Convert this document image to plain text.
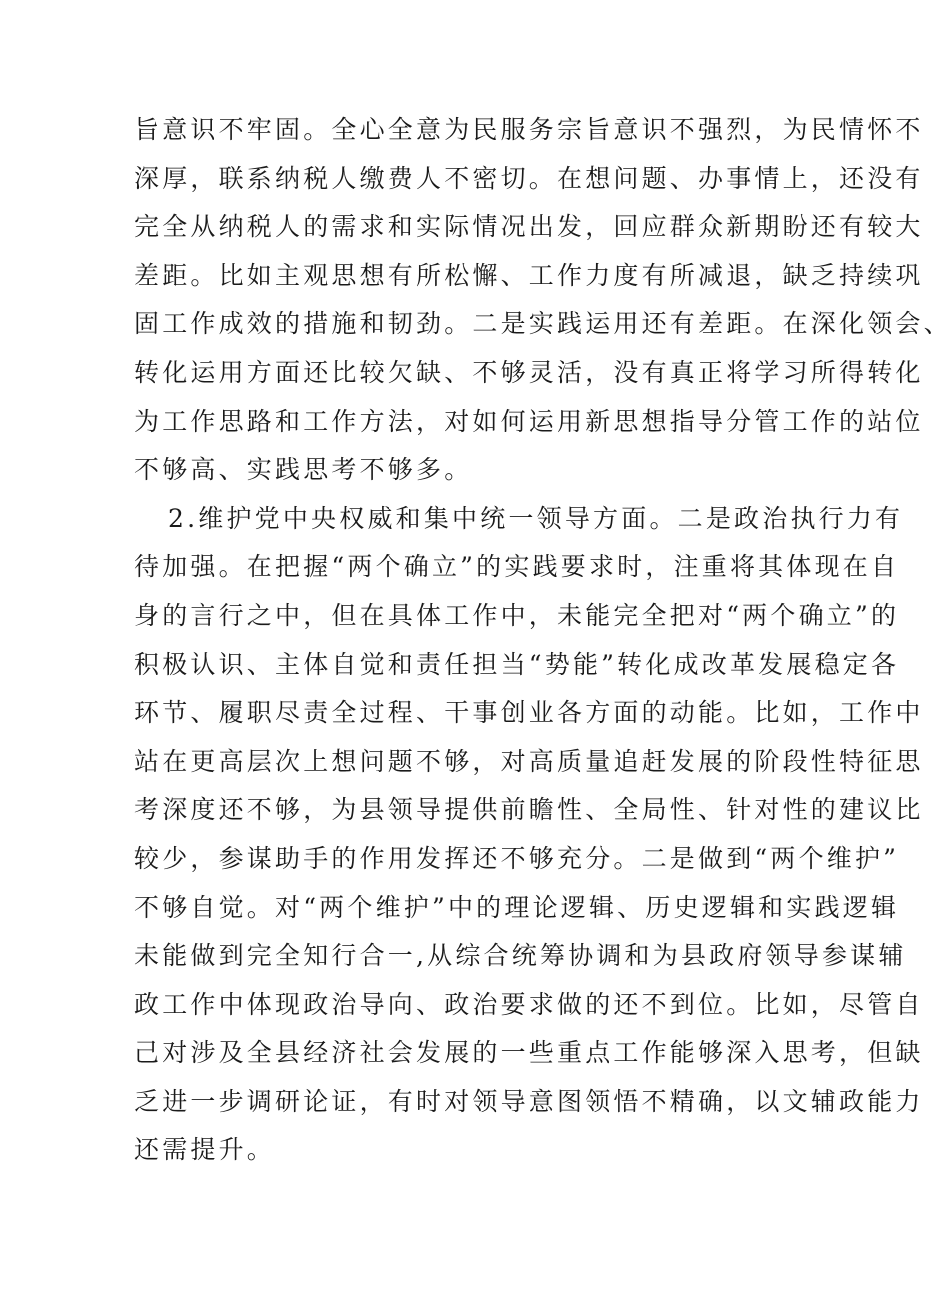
旨意识不牢固。全心全意为民服务宗旨意识不强烈，为民情怀不
深厚，联系纳税人缴费人不密切。在想问题、办事情上，还没有
完全从纳税人的需求和实际情况出发，回应群众新期盼还有较大
差距。比如主观思想有所松懈、工作力度有所减退，缺乏持续巩
固工作成效的措施和韧劲。二是实践运用还有差距。在深化领会、
转化运用方面还比较欠缺、不够灵活，没有真正将学习所得转化
为工作思路和工作方法，对如何运用新思想指导分管工作的站位
不够高、实践思考不够多。
2.维护党中央权威和集中统一领导方面。二是政治执行力有
待加强。在把握“两个确立”的实践要求时，注重将其体现在自
身的言行之中，但在具体工作中，未能完全把对“两个确立”的
积极认识、主体自觉和责任担当“势能”转化成改革发展稳定各
环节、履职尽责全过程、干事创业各方面的动能。比如，工作中
站在更高层次上想问题不够，对高质量追赶发展的阶段性特征思
考深度还不够，为县领导提供前瞻性、全局性、针对性的建议比
较少，参谋助手的作用发挥还不够充分。二是做到“两个维护”
不够自觉。对“两个维护”中的理论逻辑、历史逻辑和实践逻辑
未能做到完全知行合一,从综合统筹协调和为县政府领导参谋辅
政工作中体现政治导向、政治要求做的还不到位。比如，尽管自
己对涉及全县经济社会发展的一些重点工作能够深入思考，但缺
乏进一步调研论证，有时对领导意图领悟不精确，以文辅政能力
还需提升。
